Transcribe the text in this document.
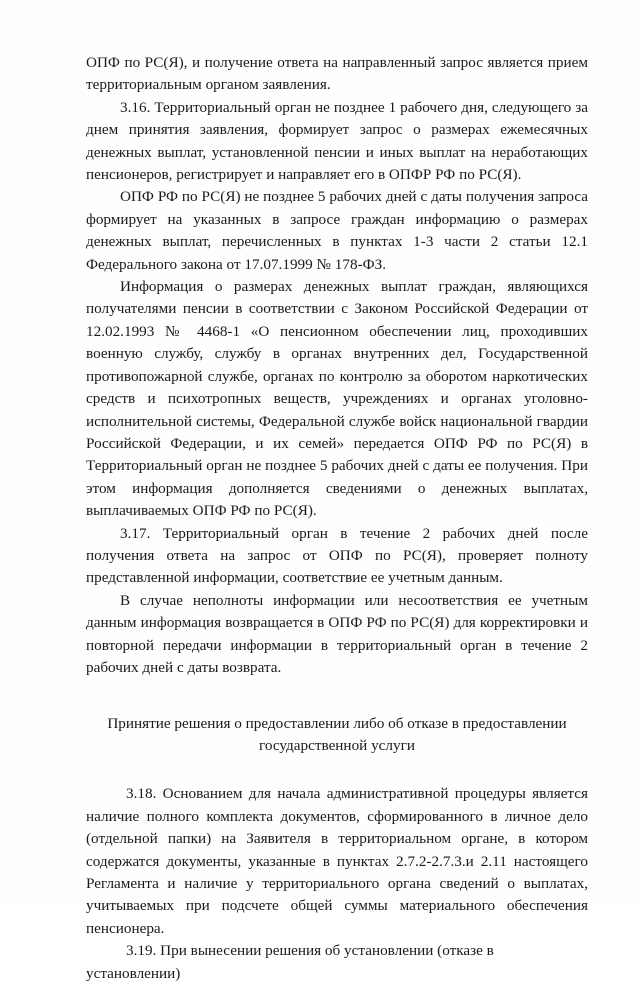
ОПФ по РС(Я), и получение ответа на направленный запрос является прием территориальным органом заявления.

3.16. Территориальный орган не позднее 1 рабочего дня, следующего за днем принятия заявления, формирует запрос о размерах ежемесячных денежных выплат, установленной пенсии и иных выплат на неработающих пенсионеров, регистрирует и направляет его в ОПФР РФ по РС(Я).

ОПФ РФ по РС(Я) не позднее 5 рабочих дней с даты получения запроса формирует на указанных в запросе граждан информацию о размерах денежных выплат, перечисленных в пунктах 1-3 части 2 статьи 12.1 Федерального закона от 17.07.1999 № 178-ФЗ.

Информация о размерах денежных выплат граждан, являющихся получателями пенсии в соответствии с Законом Российской Федерации от 12.02.1993 № 4468-1 «О пенсионном обеспечении лиц, проходивших военную службу, службу в органах внутренних дел, Государственной противопожарной службе, органах по контролю за оборотом наркотических средств и психотропных веществ, учреждениях и органах уголовно-исполнительной системы, Федеральной службе войск национальной гвардии Российской Федерации, и их семей» передается ОПФ РФ по РС(Я) в Территориальный орган не позднее 5 рабочих дней с даты ее получения. При этом информация дополняется сведениями о денежных выплатах, выплачиваемых ОПФ РФ по РС(Я).

3.17. Территориальный орган в течение 2 рабочих дней после получения ответа на запрос от ОПФ по РС(Я), проверяет полноту представленной информации, соответствие ее учетным данным.

В случае неполноты информации или несоответствия ее учетным данным информация возвращается в ОПФ РФ по РС(Я) для корректировки и повторной передачи информации в территориальный орган в течение 2 рабочих дней с даты возврата.

Принятие решения о предоставлении либо об отказе в предоставлении
государственной услуги

3.18. Основанием для начала административной процедуры является наличие полного комплекта документов, сформированного в личное дело (отдельной папки) на Заявителя в территориальном органе, в котором содержатся документы, указанные в пунктах 2.7.2-2.7.3.и 2.11 настоящего Регламента и наличие у территориального органа сведений о выплатах, учитываемых при подсчете общей суммы материального обеспечения пенсионера.

3.19. При вынесении решения об установлении (отказе в установлении)
